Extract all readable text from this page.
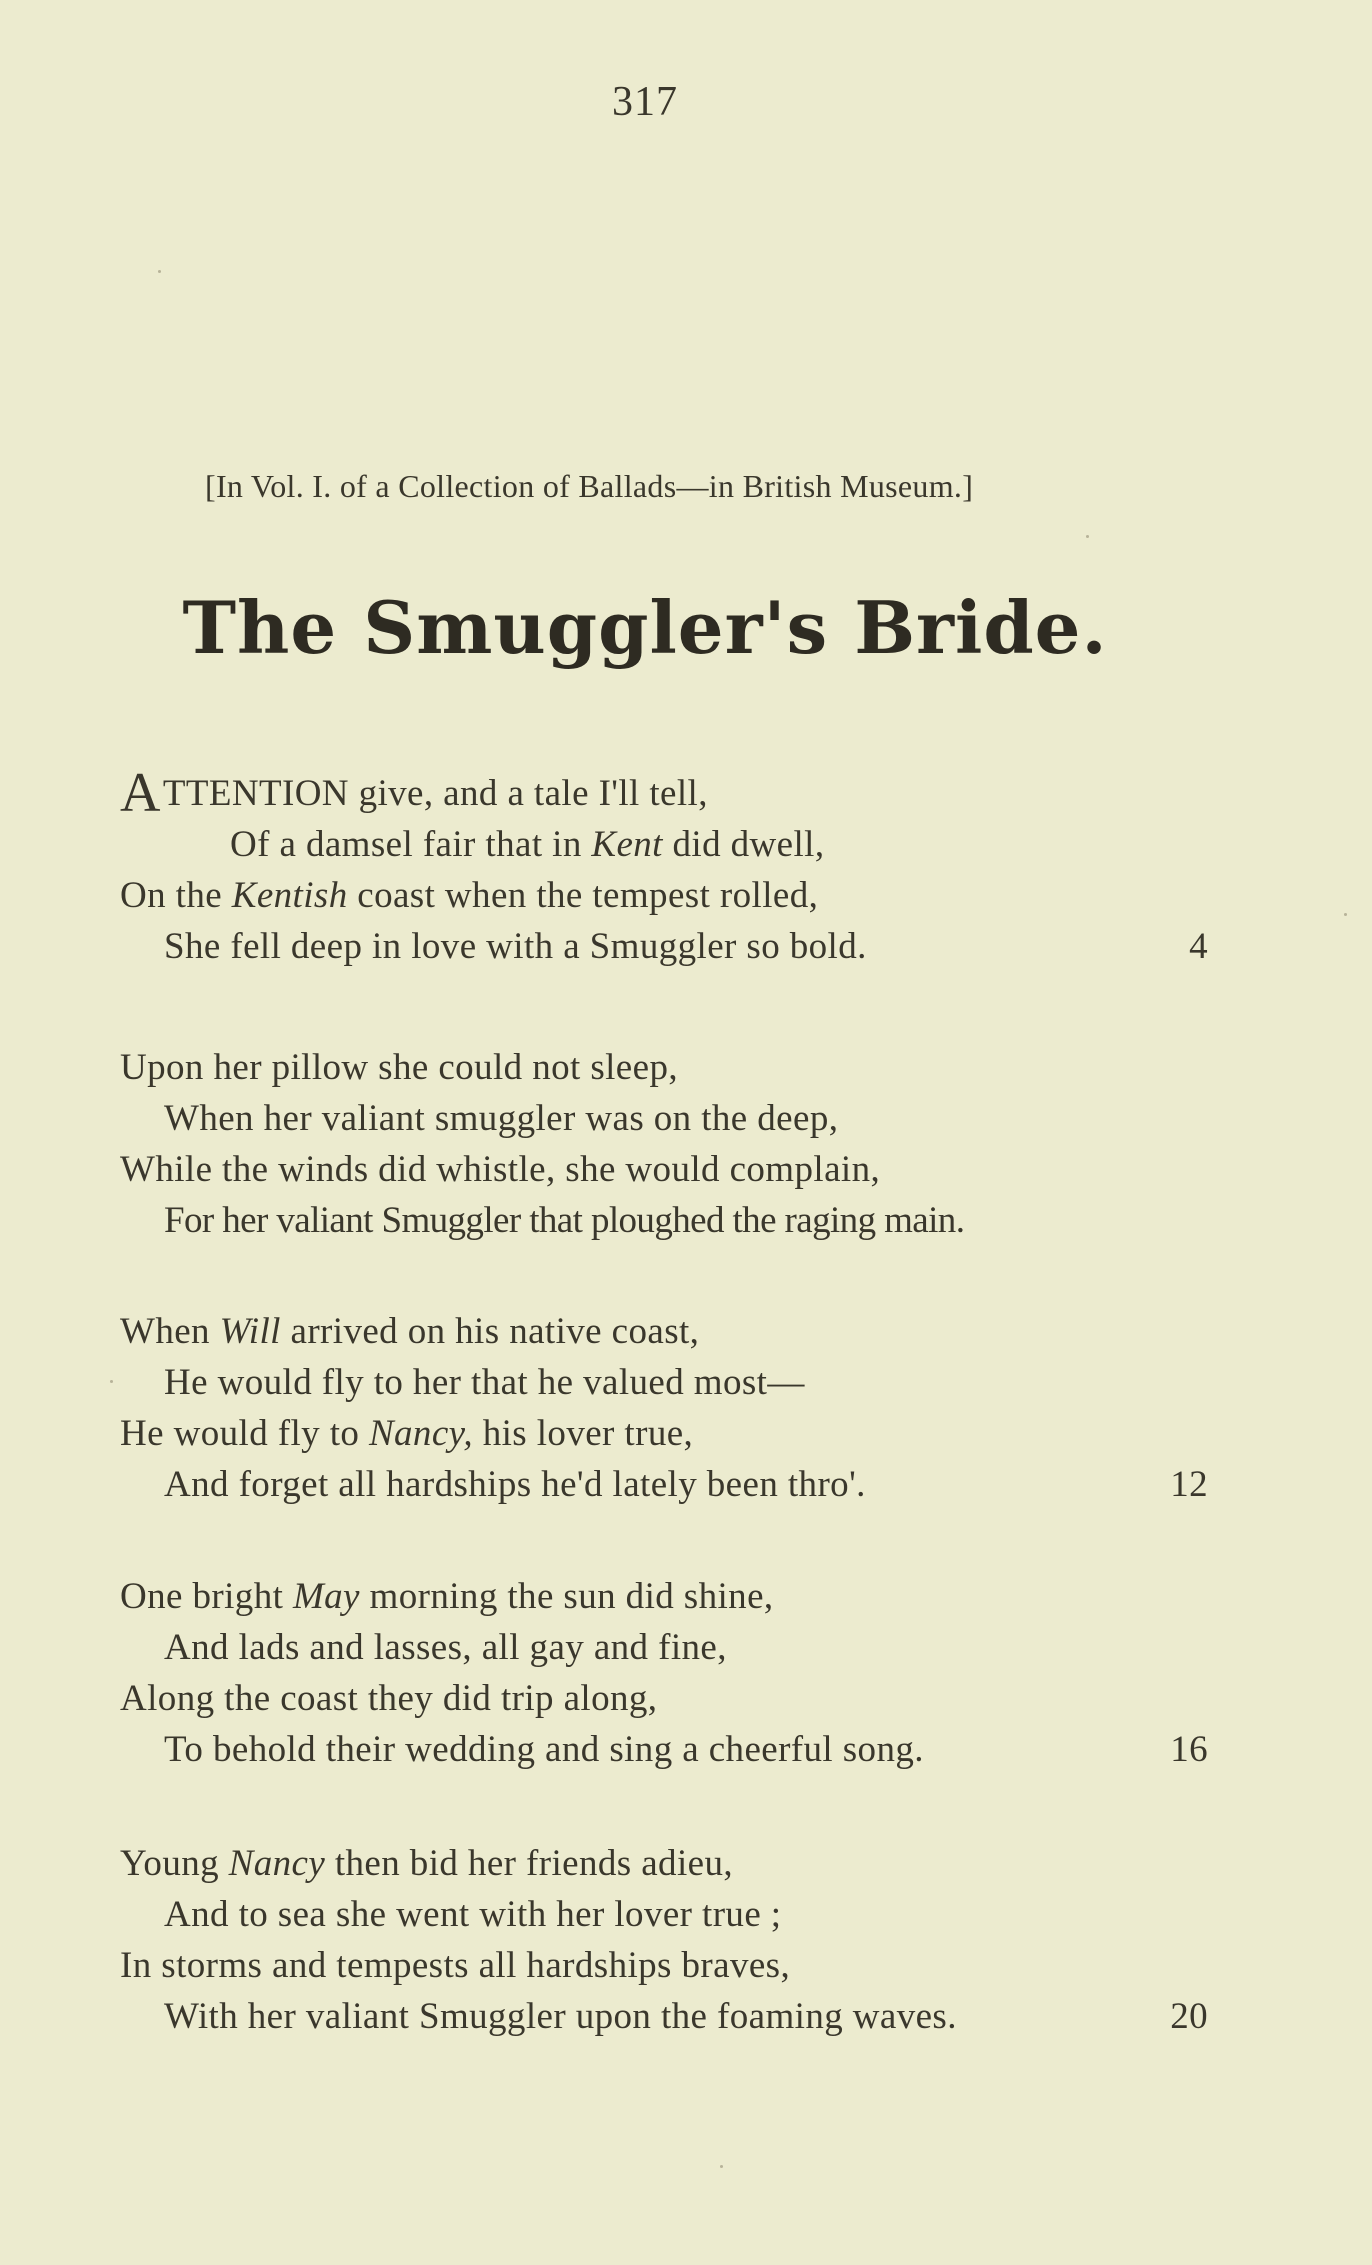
317
[In Vol. I. of a Collection of Ballads—in British Museum.]
The Smuggler's Bride.
ATTENTION give, and a tale I'll tell,
Of a damsel fair that in Kent did dwell,
On the Kentish coast when the tempest rolled,
She fell deep in love with a Smuggler so bold.	4
Upon her pillow she could not sleep,
When her valiant smuggler was on the deep,
While the winds did whistle, she would complain,
For her valiant Smuggler that ploughed the raging main.
When Will arrived on his native coast,
He would fly to her that he valued most—
He would fly to Nancy, his lover true,
And forget all hardships he'd lately been thro'.	12
One bright May morning the sun did shine,
And lads and lasses, all gay and fine,
Along the coast they did trip along,
To behold their wedding and sing a cheerful song.	16
Young Nancy then bid her friends adieu,
And to sea she went with her lover true ;
In storms and tempests all hardships braves,
With her valiant Smuggler upon the foaming waves.	20
